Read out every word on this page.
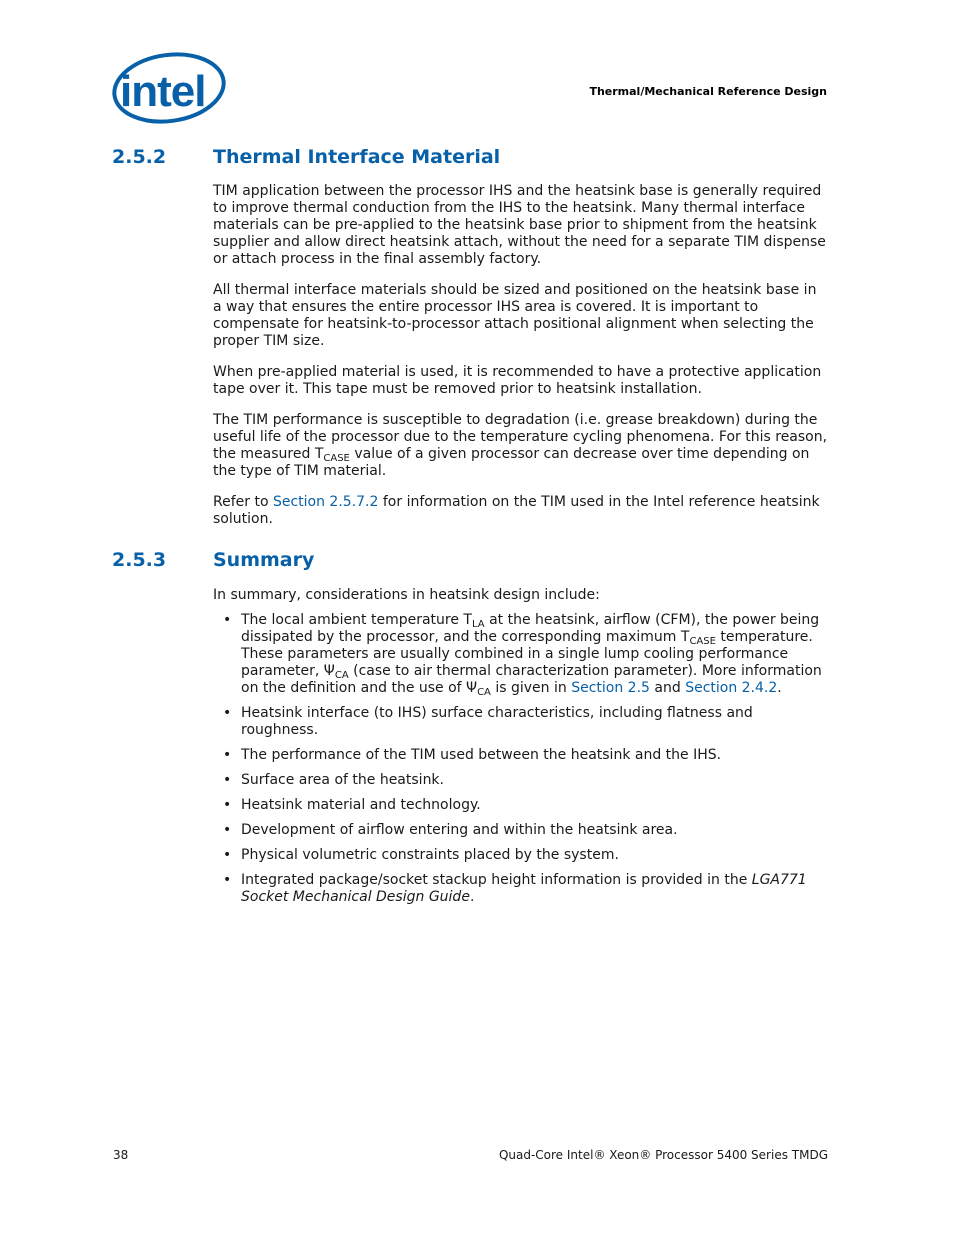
intel	Thermal/Mechanical Reference Design
2.5.2 Thermal Interface Material

TIM application between the processor IHS and the heatsink base is generally required to improve thermal conduction from the IHS to the heatsink. Many thermal interface materials can be pre-applied to the heatsink base prior to shipment from the heatsink supplier and allow direct heatsink attach, without the need for a separate TIM dispense or attach process in the final assembly factory.

All thermal interface materials should be sized and positioned on the heatsink base in a way that ensures the entire processor IHS area is covered. It is important to compensate for heatsink-to-processor attach positional alignment when selecting the proper TIM size.

When pre-applied material is used, it is recommended to have a protective application tape over it. This tape must be removed prior to heatsink installation.

The TIM performance is susceptible to degradation (i.e. grease breakdown) during the useful life of the processor due to the temperature cycling phenomena. For this reason, the measured $T_{CASE}$ value of a given processor can decrease over time depending on the type of TIM material.

Refer to Section 2.5.7.2 for information on the TIM used in the Intel reference heatsink solution.

2.5.3 Summary

In summary, considerations in heatsink design include:

• The local ambient temperature $T_{LA}$ at the heatsink, airflow (CFM), the power being dissipated by the processor, and the corresponding maximum $T_{CASE}$ temperature. These parameters are usually combined in a single lump cooling performance parameter, $\Psi_{CA}$ (case to air thermal characterization parameter). More information on the definition and the use of $\Psi_{CA}$ is given in Section 2.5 and Section 2.4.2.
• Heatsink interface (to IHS) surface characteristics, including flatness and roughness.
• The performance of the TIM used between the heatsink and the IHS.
• Surface area of the heatsink.
• Heatsink material and technology.
• Development of airflow entering and within the heatsink area.
• Physical volumetric constraints placed by the system.
• Integrated package/socket stackup height information is provided in the LGA771 Socket Mechanical Design Guide.
38	Quad-Core Intel® Xeon® Processor 5400 Series TMDG
